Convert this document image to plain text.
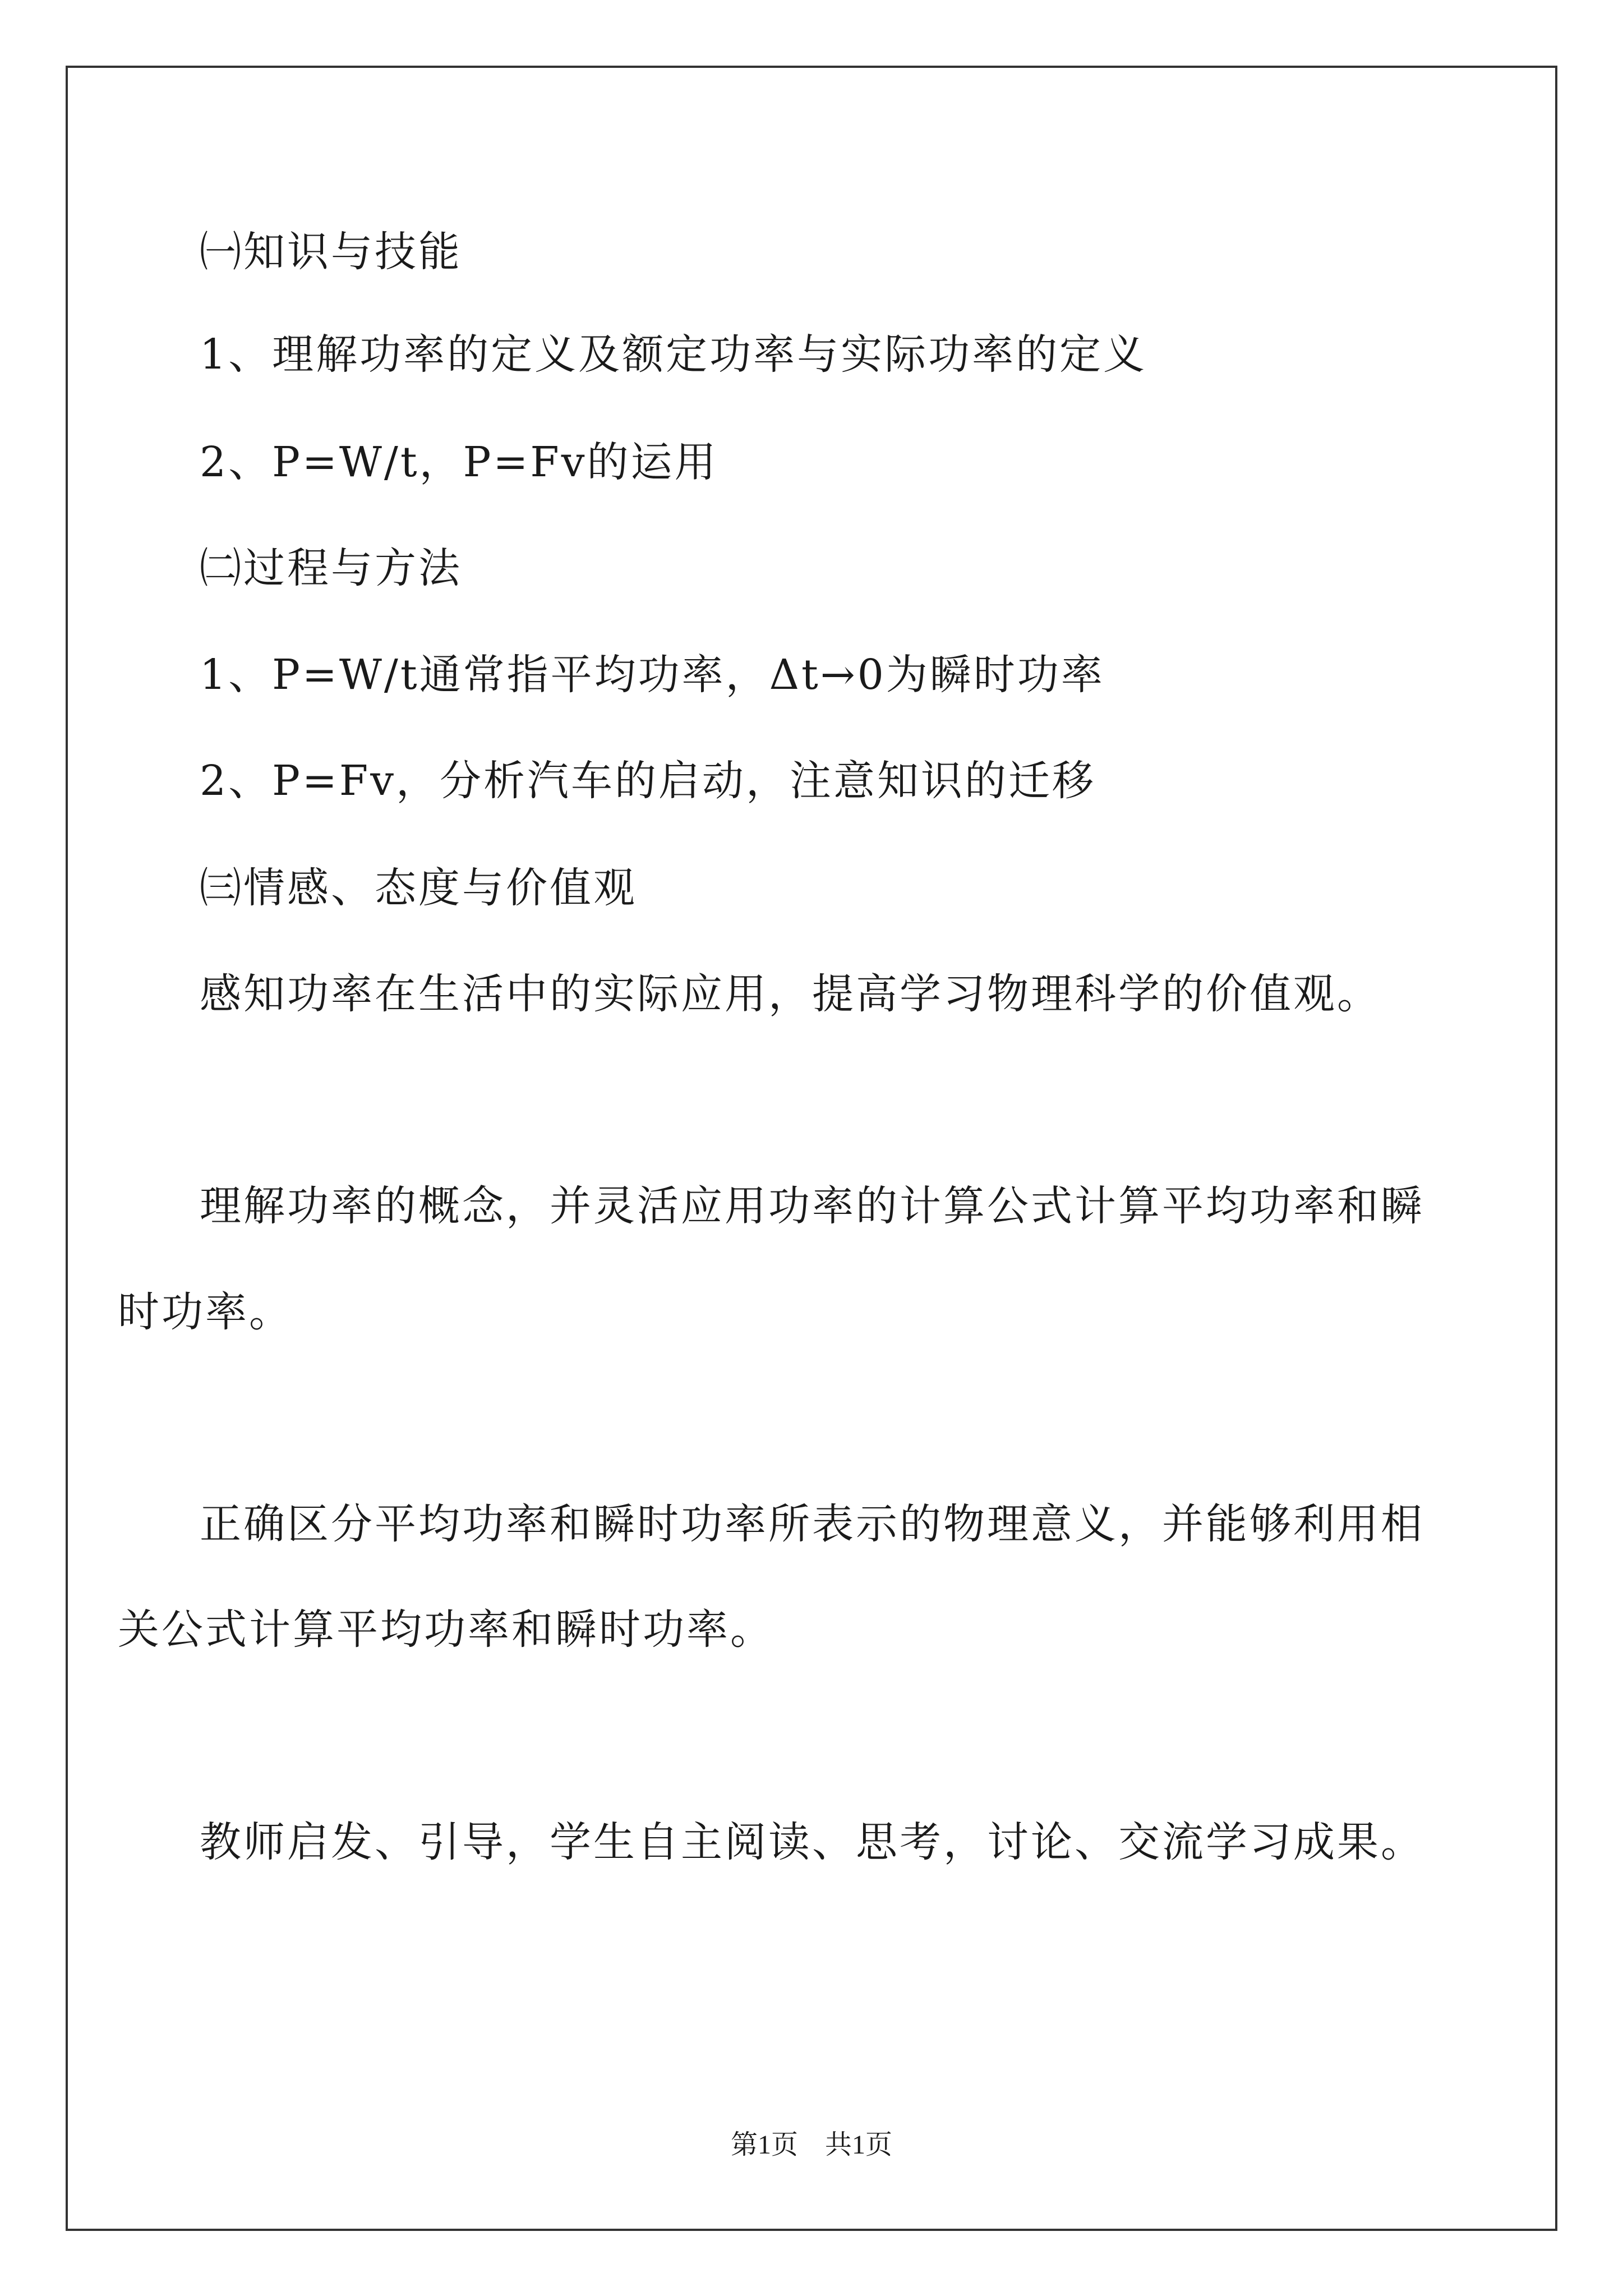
㈠知识与技能
1、理解功率的定义及额定功率与实际功率的定义
2、P=W/t，P=Fv的运用
㈡过程与方法
1、P=W/t通常指平均功率，Δt→0为瞬时功率
2、P=Fv，分析汽车的启动，注意知识的迁移
㈢情感、态度与价值观
感知功率在生活中的实际应用，提高学习物理科学的价值观。
理解功率的概念，并灵活应用功率的计算公式计算平均功率和瞬
时功率。
正确区分平均功率和瞬时功率所表示的物理意义，并能够利用相
关公式计算平均功率和瞬时功率。
教师启发、引导，学生自主阅读、思考，讨论、交流学习成果。
第1页　共1页
